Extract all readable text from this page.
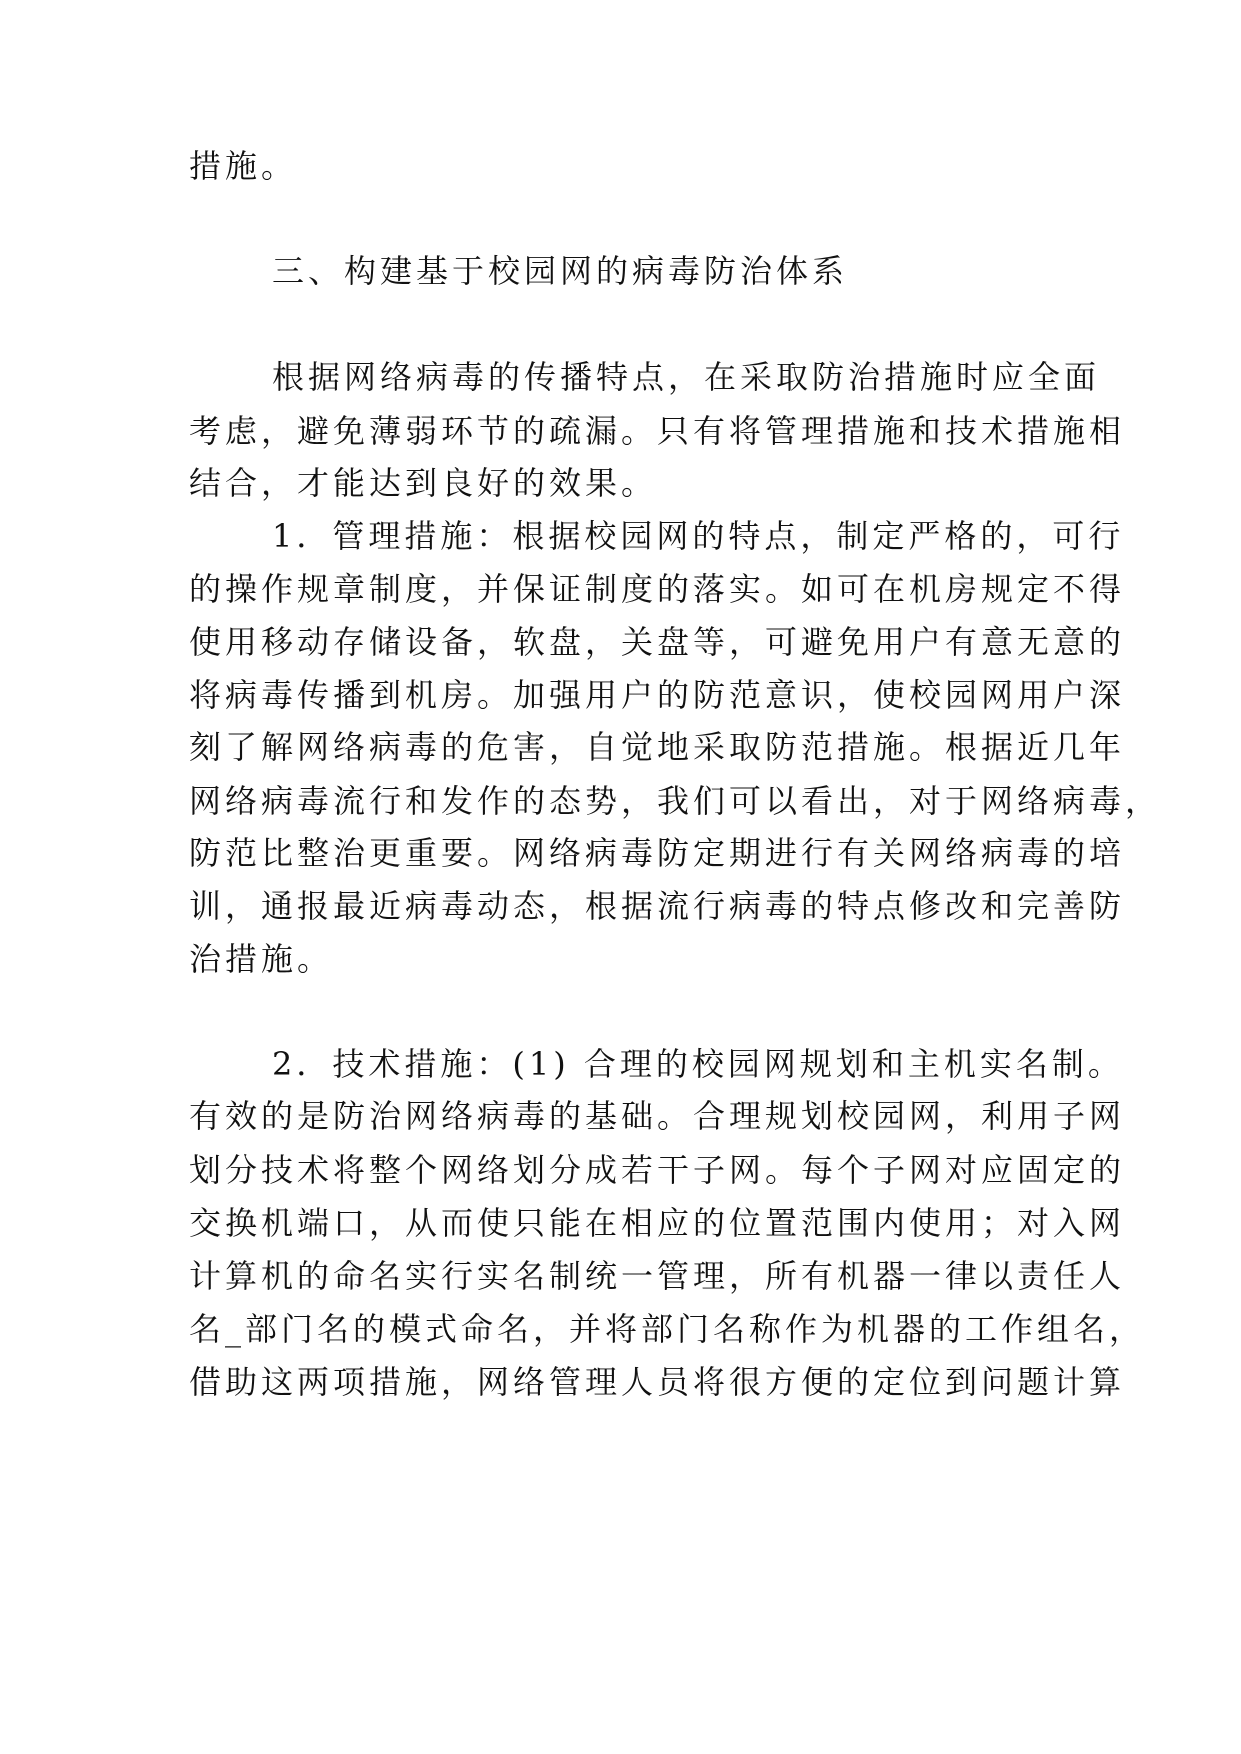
措施。
三、构建基于校园网的病毒防治体系
根据网络病毒的传播特点，在采取防治措施时应全面
考虑，避免薄弱环节的疏漏。只有将管理措施和技术措施相
结合，才能达到良好的效果。
1．管理措施：根据校园网的特点，制定严格的，可行
的操作规章制度，并保证制度的落实。如可在机房规定不得
使用移动存储设备，软盘，关盘等，可避免用户有意无意的
将病毒传播到机房。加强用户的防范意识，使校园网用户深
刻了解网络病毒的危害，自觉地采取防范措施。根据近几年
网络病毒流行和发作的态势，我们可以看出，对于网络病毒，
防范比整治更重要。网络病毒防定期进行有关网络病毒的培
训，通报最近病毒动态，根据流行病毒的特点修改和完善防
治措施。
2．技术措施：(1) 合理的校园网规划和主机实名制。
有效的是防治网络病毒的基础。合理规划校园网，利用子网
划分技术将整个网络划分成若干子网。每个子网对应固定的
交换机端口，从而使只能在相应的位置范围内使用；对入网
计算机的命名实行实名制统一管理，所有机器一律以责任人
名_部门名的模式命名，并将部门名称作为机器的工作组名，
借助这两项措施，网络管理人员将很方便的定位到问题计算
